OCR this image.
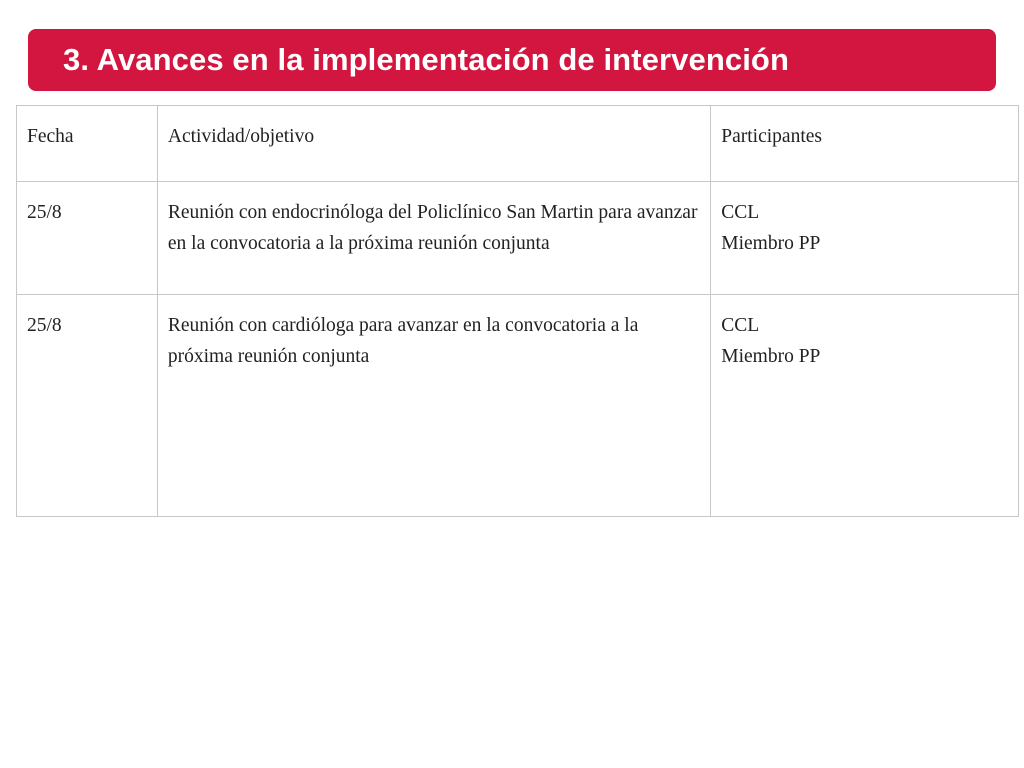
3. Avances en la implementación de intervención
Fecha	Actividad/objetivo	Participantes
25/8	Reunión con endocrinóloga del Policlínico San Martin para avanzar en la convocatoria a la próxima reunión conjunta	CCL
Miembro PP

25/8	Reunión con cardióloga para avanzar en la convocatoria a la próxima reunión conjunta	CCL
Miembro PP
